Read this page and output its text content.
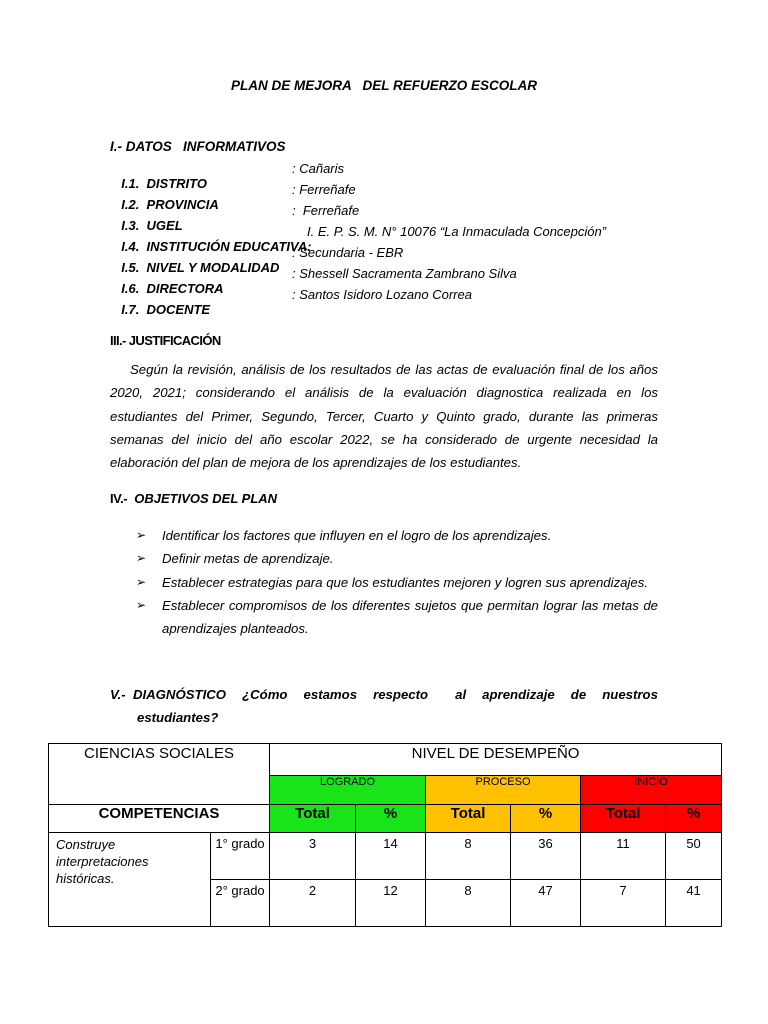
PLAN DE MEJORA   DEL REFUERZO ESCOLAR
I.- DATOS   INFORMATIVOS

I.1.  DISTRITO

: Cañaris

I.2.  PROVINCIA

: Ferreñafe

I.3.  UGEL

:  Ferreñafe

I.4.  INSTITUCIÓN EDUCATIVA:

I. E. P. S. M. N° 10076 “La Inmaculada Concepción”

I.5.  NIVEL Y MODALIDAD

: Secundaria - EBR

I.6.  DIRECTORA

: Shessell Sacramenta Zambrano Silva

I.7.  DOCENTE

: Santos Isidoro Lozano Correa

III.- JUSTIFICACIÓN
Según la revisión, análisis de los resultados de las actas de evaluación final de los años 2020, 2021; considerando el análisis de la evaluación diagnostica realizada en los estudiantes del Primer, Segundo, Tercer, Cuarto y Quinto grado, durante las primeras semanas del inicio del año escolar 2022, se ha considerado de urgente necesidad la elaboración del plan de mejora de los aprendizajes de los estudiantes.
IV.- OBJETIVOS DEL PLAN
➢ Identificar los factores que influyen en el logro de los aprendizajes.
➢ Definir metas de aprendizaje.
➢ Establecer estrategias para que los estudiantes mejoren y logren sus aprendizajes.
➢ Establecer compromisos de los diferentes sujetos que permitan lograr las metas de aprendizajes planteados.
V.-  DIAGNÓSTICO ¿Cómo estamos respecto al aprendizaje de nuestros
estudiantes?
CIENCIAS SOCIALES		NIVEL DE DESEMPEÑO					
		LOGRADO		PROCESO		INICIO	
COMPETENCIAS		Total	%	Total	%	Total	%
Construye interpretaciones históricas.	1° grado	3	14	8	36	11	50
	2° grado	2	12	8	47	7	41
